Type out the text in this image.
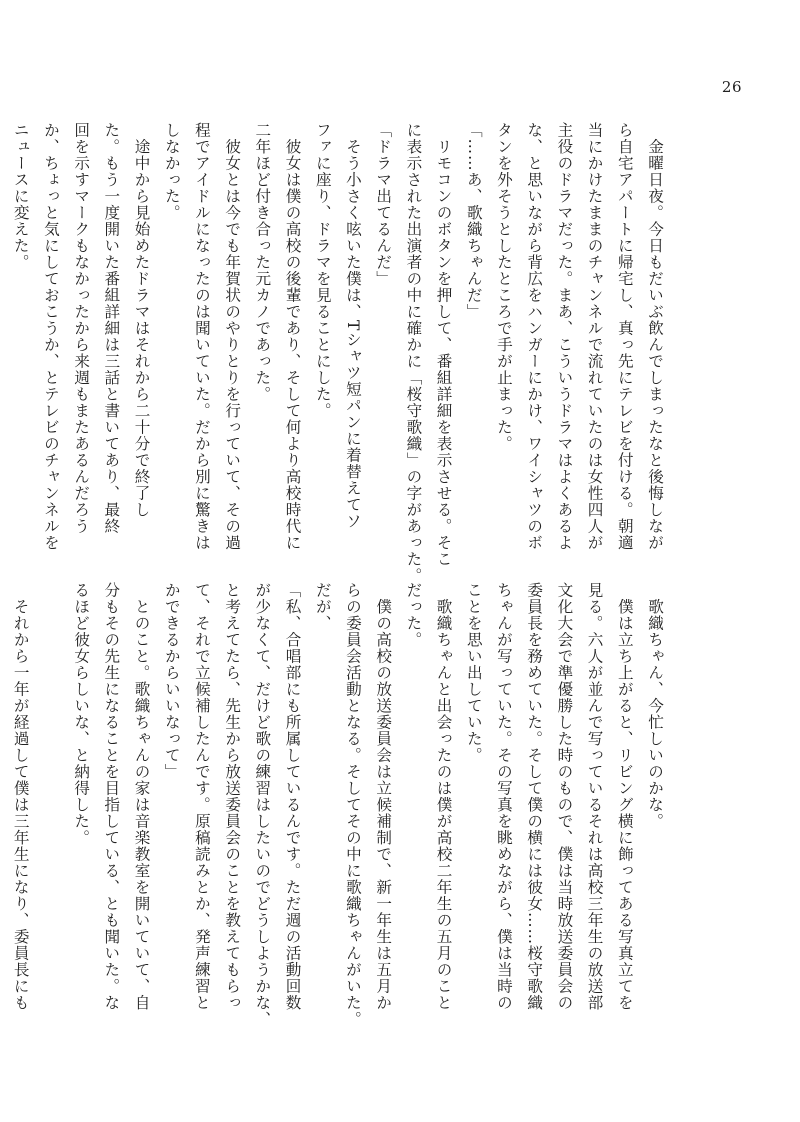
26
　金曜日夜。今日もだいぶ飲んでしまったなと後悔しなが
ら自宅アパートに帰宅し、真っ先にテレビを付ける。朝適
当にかけたままのチャンネルで流れていたのは女性四人が
主役のドラマだった。まあ、こういうドラマはよくあるよ
な、と思いながら背広をハンガーにかけ、ワイシャツのボ
タンを外そうとしたところで手が止まった。
「……あ、歌織ちゃんだ」
　リモコンのボタンを押して、番組詳細を表示させる。そこ
に表示された出演者の中に確かに「桜守歌織」の字があった。
「ドラマ出てるんだ」
　そう小さく呟いた僕は、Tシャツ短パンに着替えてソ
ファに座り、ドラマを見ることにした。
　彼女は僕の高校の後輩であり、そして何より高校時代に
二年ほど付き合った元カノであった。
　彼女とは今でも年賀状のやりとりを行っていて、その過
程でアイドルになったのは聞いていた。だから別に驚きは
しなかった。
　途中から見始めたドラマはそれから二十分で終了し
た。もう一度開いた番組詳細は三話と書いてあり、最終
回を示すマークもなかったから来週もまたあるんだろう
か、ちょっと気にしておこうか、とテレビのチャンネルを
ニュースに変えた。
　歌織ちゃん、今忙しいのかな。
　僕は立ち上がると、リビング横に飾ってある写真立てを
見る。六人が並んで写っているそれは高校三年生の放送部
文化大会で準優勝した時のもので、僕は当時放送委員会の
委員長を務めていた。そして僕の横には彼女……桜守歌織
ちゃんが写っていた。その写真を眺めながら、僕は当時の
ことを思い出していた。
　歌織ちゃんと出会ったのは僕が高校二年生の五月のこと
だった。
　僕の高校の放送委員会は立候補制で、新一年生は五月か
らの委員会活動となる。そしてその中に歌織ちゃんがいた。
だが、
「私、合唱部にも所属しているんです。ただ週の活動回数
が少なくて、だけど歌の練習はしたいのでどうしようかな、
と考えてたら、先生から放送委員会のことを教えてもらっ
て、それで立候補したんです。原稿読みとか、発声練習と
かできるからいいなって」
　とのこと。歌織ちゃんの家は音楽教室を開いていて、自
分もその先生になることを目指している、とも聞いた。な
るほど彼女らしいな、と納得した。

　それから一年が経過して僕は三年生になり、委員長にも
